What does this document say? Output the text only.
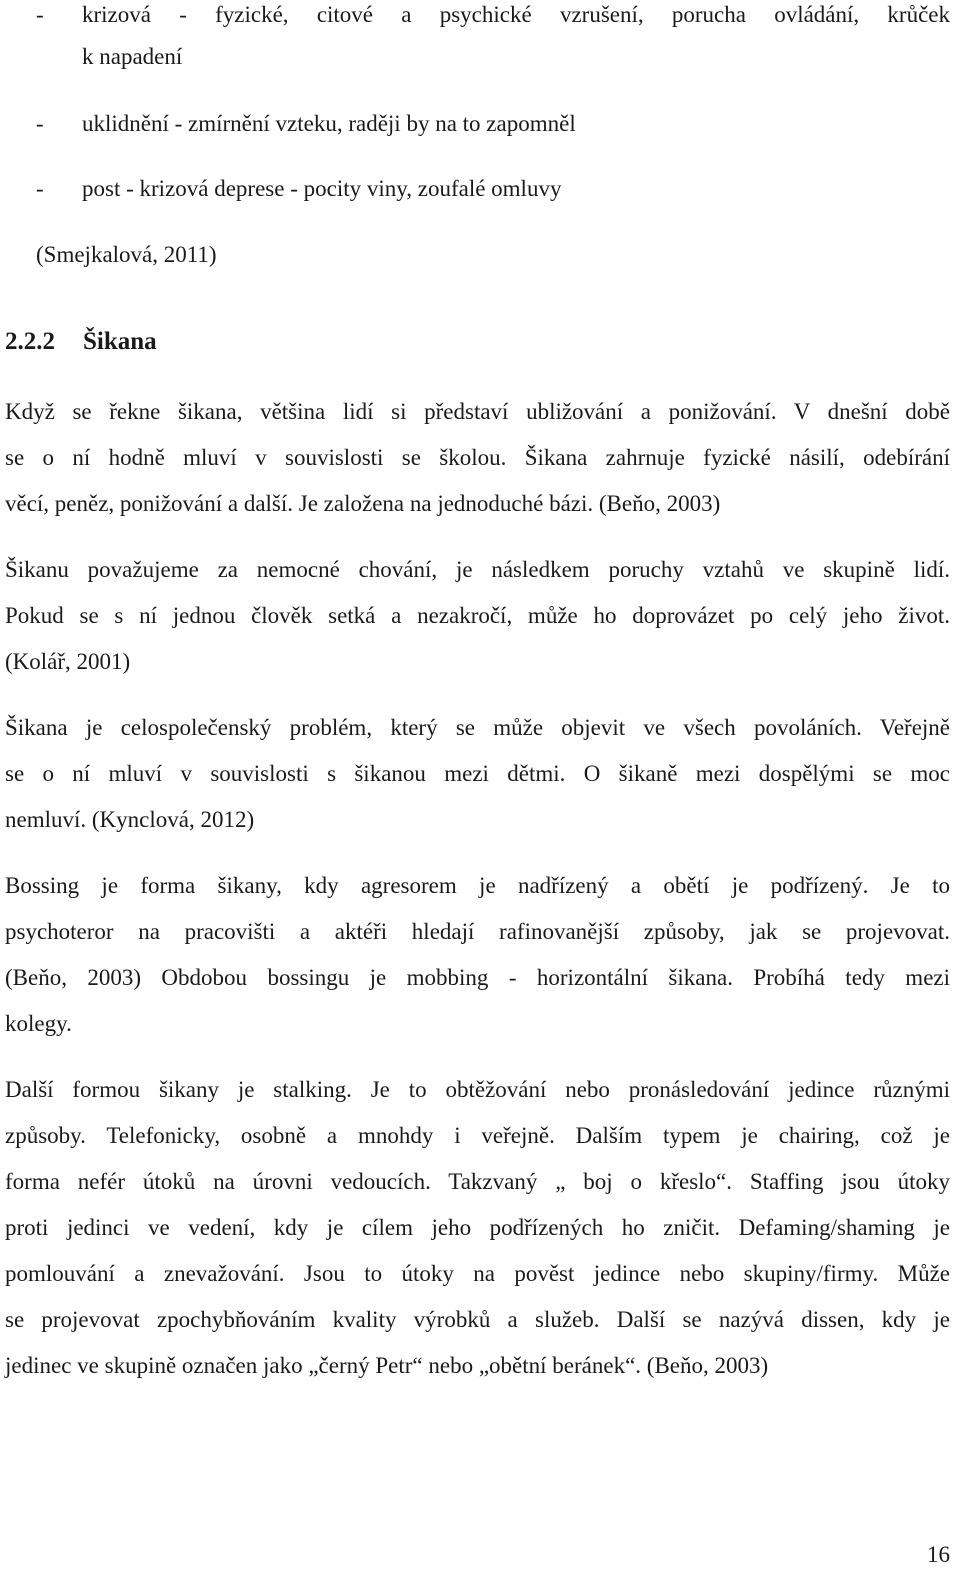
- krizová - fyzické, citové a psychické vzrušení, porucha ovládání, krůček
k napadení
- uklidnění - zmírnění vzteku, raději by na to zapomněl
- post - krizová deprese - pocity viny, zoufalé omluvy
(Smejkalová, 2011)
2.2.2 Šikana
Když se řekne šikana, většina lidí si představí ubližování a ponižování. V dnešní době
se o ní hodně mluví v souvislosti se školou. Šikana zahrnuje fyzické násilí, odebírání
věcí, peněz, ponižování a další. Je založena na jednoduché bázi. (Beňo, 2003)
Šikanu považujeme za nemocné chování, je následkem poruchy vztahů ve skupině lidí.
Pokud se s ní jednou člověk setká a nezakročí, může ho doprovázet po celý jeho život.
(Kolář, 2001)
Šikana je celospolečenský problém, který se může objevit ve všech povoláních. Veřejně
se o ní mluví v souvislosti s šikanou mezi dětmi. O šikaně mezi dospělými se moc
nemluví. (Kynclová, 2012)
Bossing je forma šikany, kdy agresorem je nadřízený a obětí je podřízený. Je to
psychoteror na pracovišti a aktéři hledají rafinovanější způsoby, jak se projevovat.
(Beňo, 2003) Obdobou bossingu je mobbing - horizontální šikana. Probíhá tedy mezi
kolegy.
Další formou šikany je stalking. Je to obtěžování nebo pronásledování jedince různými
způsoby. Telefonicky, osobně a mnohdy i veřejně. Dalším typem je chairing, což je
forma nefér útoků na úrovni vedoucích. Takzvaný „ boj o křeslo“. Staffing jsou útoky
proti jedinci ve vedení, kdy je cílem jeho podřízených ho zničit. Defaming/shaming je
pomlouvání a znevažování. Jsou to útoky na pověst jedince nebo skupiny/firmy. Může
se projevovat zpochybňováním kvality výrobků a služeb. Další se nazývá dissen, kdy je
jedinec ve skupině označen jako „černý Petr“ nebo „obětní beránek“. (Beňo, 2003)
16
